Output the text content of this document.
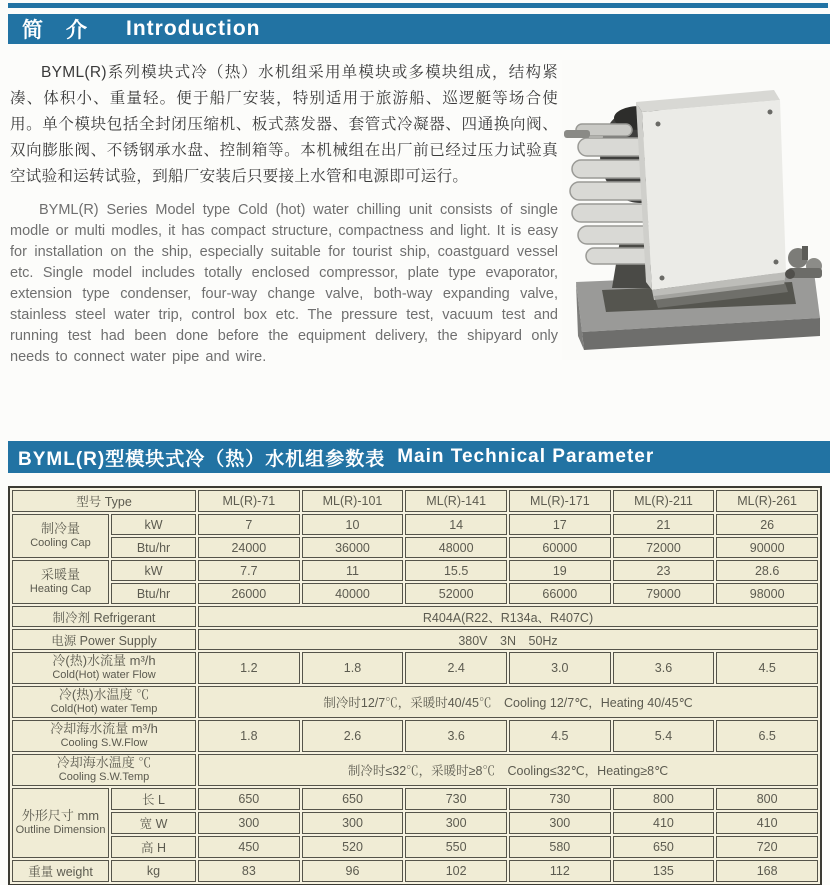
简　介 Introduction

BYML(R)系列模块式冷（热）水机组采用单模块或多模块组成，结构紧凑、体积小、重量轻。便于船厂安装，特别适用于旅游船、巡逻艇等场合使用。单个模块包括全封闭压缩机、板式蒸发器、套管式冷凝器、四通换向阀、双向膨胀阀、不锈钢承水盘、控制箱等。本机械组在出厂前已经过压力试验真空试验和运转试验，到船厂安装后只要接上水管和电源即可运行。

BYML(R) Series Model type Cold (hot) water chilling unit consists of single modle or multi modles, it has compact structure, compactness and light. It is easy for installation on the ship, especially suitable for tourist ship, coastguard vessel etc. Single model includes totally enclosed compressor, plate type evaporator, extension type condenser, four-way change valve, both-way expanding valve, stainless steel water trip, control box etc. The pressure test, vacuum test and running test had been done before the equipment delivery, the shipyard only needs to connect water pipe and wire.

BYML(R)型模块式冷（热）水机组参数表 Main Technical Parameter
型号 Type		ML(R)-71	ML(R)-101	ML(R)-141	ML(R)-171	ML(R)-211	ML(R)-261

制冷量
Cooling Cap	kW	7	10	14	17	21	26
	Btu/hr	24000	36000	48000	60000	72000	90000

采暖量
Heating Cap	kW	7.7	11	15.5	19	23	28.6
	Btu/hr	26000	40000	52000	66000	79000	98000
制冷剂 Refrigerant		R404A(R22、R134a、R407C)					
电源 Power Supply		380V　3N　50Hz					

冷(热)水流量 m³/h
Cold(Hot) water Flow		1.2	1.8	2.4	3.0	3.6	4.5

冷(热)水温度 ℃
Cold(Hot) water Temp		制冷时12/7℃，采暖时40/45℃　Cooling 12/7℃，Heating 40/45℃					

冷却海水流量 m³/h
Cooling S.W.Flow		1.8	2.6	3.6	4.5	5.4	6.5

冷却海水温度 ℃
Cooling S.W.Temp		制冷时≤32℃，采暖时≥8℃　Cooling≤32℃，Heating≥8℃					

外形尺寸 mm
Outline Dimension	长 L	650	650	730	730	800	800
	宽 W	300	300	300	300	410	410
	高 H	450	520	550	580	650	720
重量 weight	kg	83	96	102	112	135	168
